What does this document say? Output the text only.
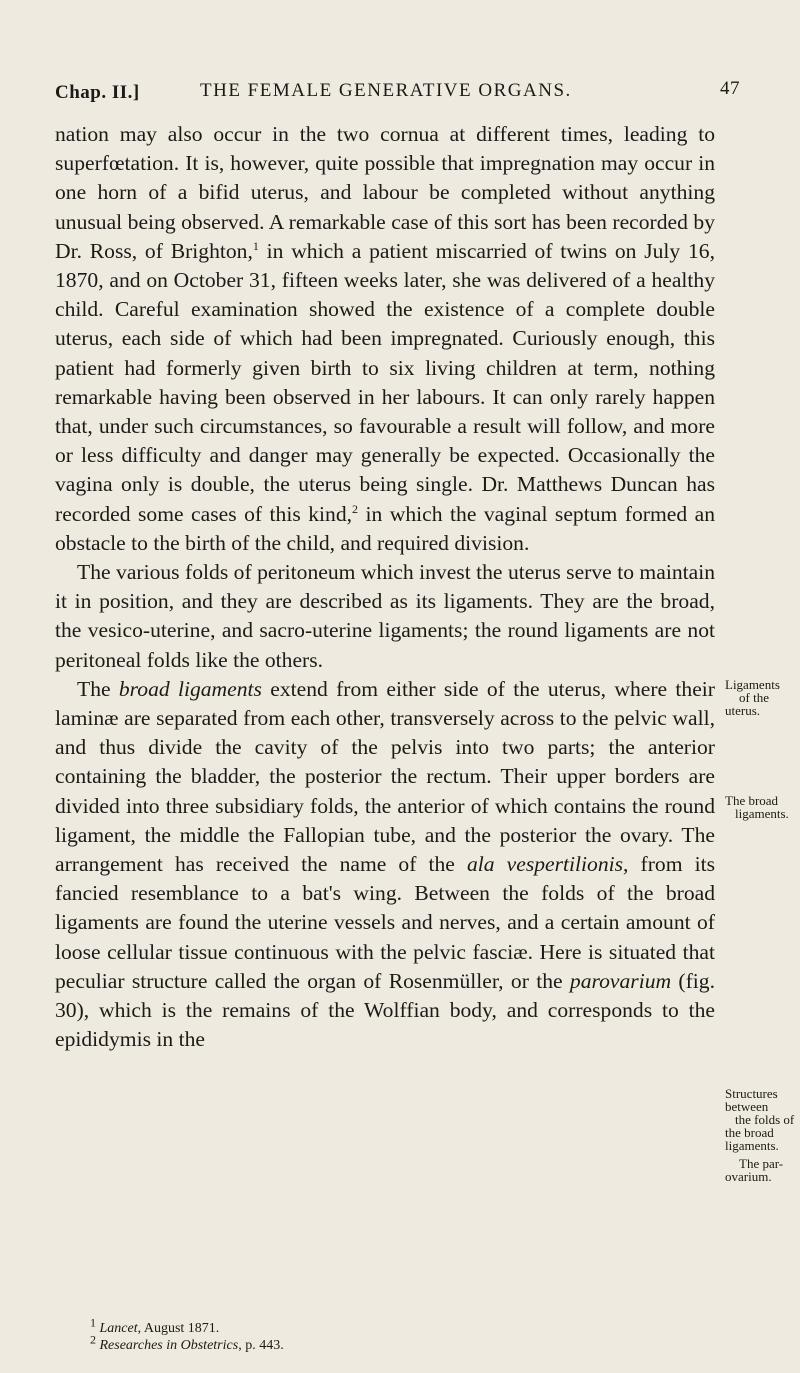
Chap. II.]	THE FEMALE GENERATIVE ORGANS.	47

nation may also occur in the two cornua at different times, leading to superfœtation. It is, however, quite possible that impregnation may occur in one horn of a bifid uterus, and labour be completed without anything unusual being observed. A remarkable case of this sort has been recorded by Dr. Ross, of Brighton,$^1$ in which a patient miscarried of twins on July 16, 1870, and on October 31, fifteen weeks later, she was delivered of a healthy child. Careful examination showed the existence of a complete double uterus, each side of which had been impregnated. Curiously enough, this patient had formerly given birth to six living children at term, nothing remarkable having been observed in her labours. It can only rarely happen that, under such circumstances, so favourable a result will follow, and more or less difficulty and danger may generally be expected. Occasionally the vagina only is double, the uterus being single. Dr. Matthews Duncan has recorded some cases of this kind,$^2$ in which the vaginal septum formed an obstacle to the birth of the child, and required division.

The various folds of peritoneum which invest the uterus serve to maintain it in position, and they are described as its ligaments. They are the broad, the vesico-uterine, and sacro-uterine ligaments; the round ligaments are not peritoneal folds like the others.

The broad ligaments extend from either side of the uterus, where their laminæ are separated from each other, transversely across to the pelvic wall, and thus divide the cavity of the pelvis into two parts; the anterior containing the bladder, the posterior the rectum. Their upper borders are divided into three subsidiary folds, the anterior of which contains the round ligament, the middle the Fallopian tube, and the posterior the ovary. The arrangement has received the name of the ala vespertilionis, from its fancied resemblance to a bat's wing. Between the folds of the broad ligaments are found the uterine vessels and nerves, and a certain amount of loose cellular tissue continuous with the pelvic fasciæ. Here is situated that peculiar structure called the organ of Rosenmüller, or the parovarium (fig. 30), which is the remains of the Wolffian body, and corresponds to the epididymis in the

Ligaments
of the
uterus.
The broad
ligaments.
Structures
between
the folds of
the broad
ligaments.
The par-
ovarium.
$^1$ Lancet, August 1871.
$^2$ Researches in Obstetrics, p. 443.
